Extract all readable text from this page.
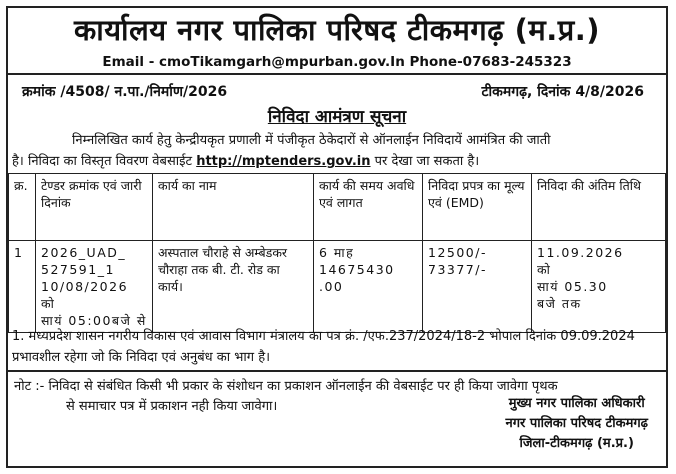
कार्यालय नगर पालिका परिषद टीकमगढ़ (म.प्र.)
Email - cmoTikamgarh@mpurban.gov.In Phone-07683-245323
क्रमांक /4508/ न.पा./निर्माण/2026	टीकमगढ़, दिनांक 4/8/2026
निविदा आमंत्रण सूचना
निम्नलिखित कार्य हेतु केन्द्रीयकृत प्रणाली में पंजीकृत ठेकेदारों से ऑनलाईन निविदायें आमंत्रित की जाती
है। निविदा का विस्तृत विवरण वेबसाईट http://mptenders.gov.in पर देखा जा सकता है।
क्र.	टेण्डर क्रमांक एवं जारी दिनांक	कार्य का नाम	कार्य की समय अवधि एवं लागत	निविदा प्रपत्र का मूल्य एवं (EMD)	निविदा की अंतिम तिथि
1	2026_UAD_
527591_1
10/08/2026 को
सायं 05:00बजे से	अस्पताल चौराहे से अम्बेडकर चौराहा तक बी. टी. रोड का कार्य।	6 माह
14675430
.00	12500/-
73377/-	11.09.2026
को
सायं 05.30
बजे तक
1. मध्यप्रदेश शासन नगरीय विकास एवं आवास विभाग मंत्रालय का पत्र क्रं. /एफ.237/2024/18-2 भोपाल दिनांक 09.09.2024 प्रभावशील रहेगा जो कि निविदा एवं अनुबंध का भाग है।
नोट :- निविदा से संबंधित किसी भी प्रकार के संशोधन का प्रकाशन ऑनलाईन की वेबसाईट पर ही किया जावेगा पृथक
से समाचार पत्र में प्रकाशन नही किया जावेगा।	मुख्य नगर पालिका अधिकारी
नगर पालिका परिषद टीकमगढ़
जिला-टीकमगढ़ (म.प्र.)
